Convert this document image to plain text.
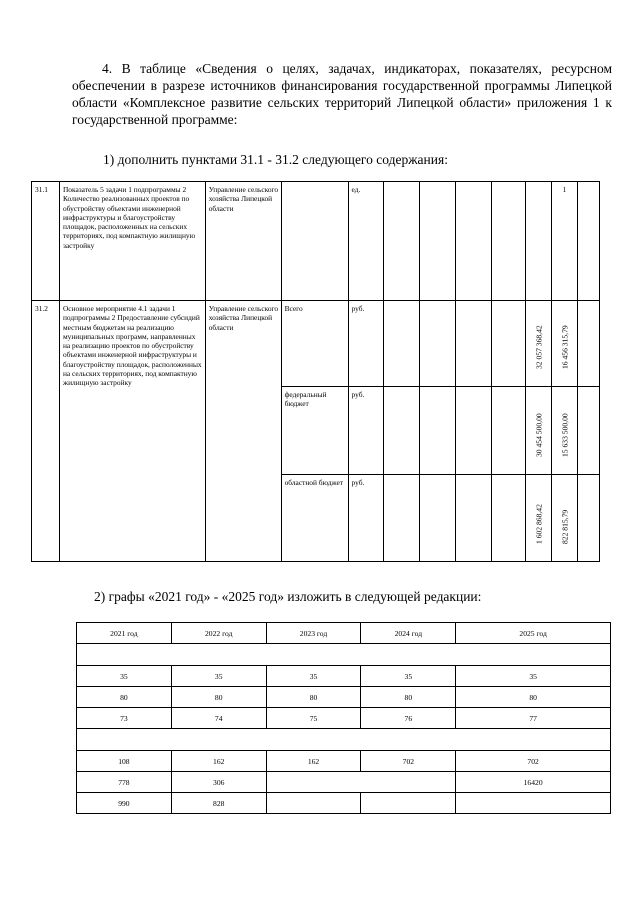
4. В таблице «Сведения о целях, задачах, индикаторах, показателях, ресурсном обеспечении в разрезе источников финансирования государственной программы Липецкой области «Комплексное развитие сельских территорий Липецкой области» приложения 1 к государственной программе:
1) дополнить пунктами 31.1 - 31.2 следующего содержания:
31.1	Показатель 5 задачи 1 подпрограммы 2 Количество реализованных проектов по обустройству объектами инженерной инфраструктуры и благоустройству площадок, расположенных на сельских территориях, под компактную жилищную застройку	Управление сельского хозяйства Липецкой области		ед.						1	
31.2	Основное мероприятие 4.1 задачи 1 подпрограммы 2 Предоставление субсидий местным бюджетам на реализацию муниципальных программ, направленных на реализацию проектов по обустройству объектами инженерной инфраструктуры и благоустройству площадок, расположенных на сельских территориях, под компактную жилищную застройку	Управление сельского хозяйства Липецкой области	Всего	руб.					32 057 368,42	16 456 315,79	

			федеральный бюджет	руб.					30 454 500,00	15 633 500,00	

			областной бюджет	руб.					1 602 868,42	822 815,79	

2) графы «2021 год» - «2025 год» изложить в следующей редакции:
2021 год	2022 год	2023 год	2024 год	2025 год

35	35	35	35	35
80	80	80	80	80
73	74	75	76	77

108	162	162	702	702
778	306			16420
990	828			
